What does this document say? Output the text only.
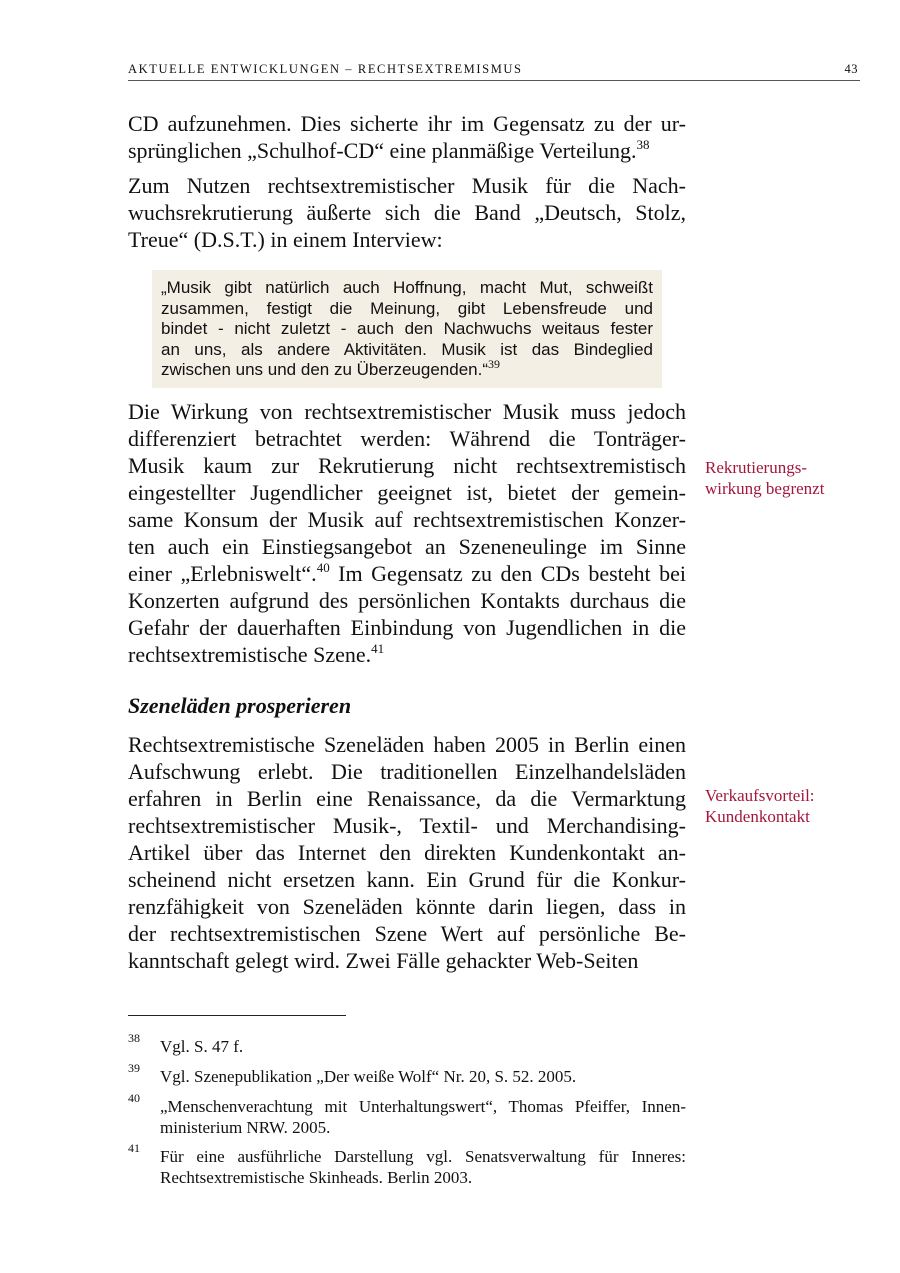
AKTUELLE ENTWICKLUNGEN – RECHTSEXTREMISMUS	43
CD aufzunehmen. Dies sicherte ihr im Gegensatz zu der ur-
sprünglichen „Schulhof-CD“ eine planmäßige Verteilung.$^{38}$
Zum Nutzen rechtsextremistischer Musik für die Nach-
wuchsrekrutierung äußerte sich die Band „Deutsch, Stolz,
Treue“ (D.S.T.) in einem Interview:
„Musik gibt natürlich auch Hoffnung, macht Mut, schweißt
zusammen, festigt die Meinung, gibt Lebensfreude und
bindet - nicht zuletzt - auch den Nachwuchs weitaus fester
an uns, als andere Aktivitäten. Musik ist das Bindeglied
zwischen uns und den zu Überzeugenden.“$^{39}$
Die Wirkung von rechtsextremistischer Musik muss jedoch
differenziert betrachtet werden: Während die Tonträger-
Musik kaum zur Rekrutierung nicht rechtsextremistisch
eingestellter Jugendlicher geeignet ist, bietet der gemein-
same Konsum der Musik auf rechtsextremistischen Konzer-
ten auch ein Einstiegsangebot an Szeneneulinge im Sinne
einer „Erlebniswelt“.$^{40}$ Im Gegensatz zu den CDs besteht bei
Konzerten aufgrund des persönlichen Kontakts durchaus die
Gefahr der dauerhaften Einbindung von Jugendlichen in die
rechtsextremistische Szene.$^{41}$
Szeneläden prosperieren
Rechtsextremistische Szeneläden haben 2005 in Berlin einen
Aufschwung erlebt. Die traditionellen Einzelhandelsläden
erfahren in Berlin eine Renaissance, da die Vermarktung
rechtsextremistischer Musik-, Textil- und Merchandising-
Artikel über das Internet den direkten Kundenkontakt an-
scheinend nicht ersetzen kann. Ein Grund für die Konkur-
renzfähigkeit von Szeneläden könnte darin liegen, dass in
der rechtsextremistischen Szene Wert auf persönliche Be-
kanntschaft gelegt wird. Zwei Fälle gehackter Web-Seiten
Rekrutierungs-
wirkung begrenzt
Verkaufsvorteil:
Kundenkontakt
38 Vgl. S. 47 f.
39 Vgl. Szenepublikation „Der weiße Wolf“ Nr. 20, S. 52. 2005.
40 „Menschenverachtung mit Unterhaltungswert“, Thomas Pfeiffer, Innen-
ministerium NRW. 2005.
41 Für eine ausführliche Darstellung vgl. Senatsverwaltung für Inneres:
Rechtsextremistische Skinheads. Berlin 2003.
